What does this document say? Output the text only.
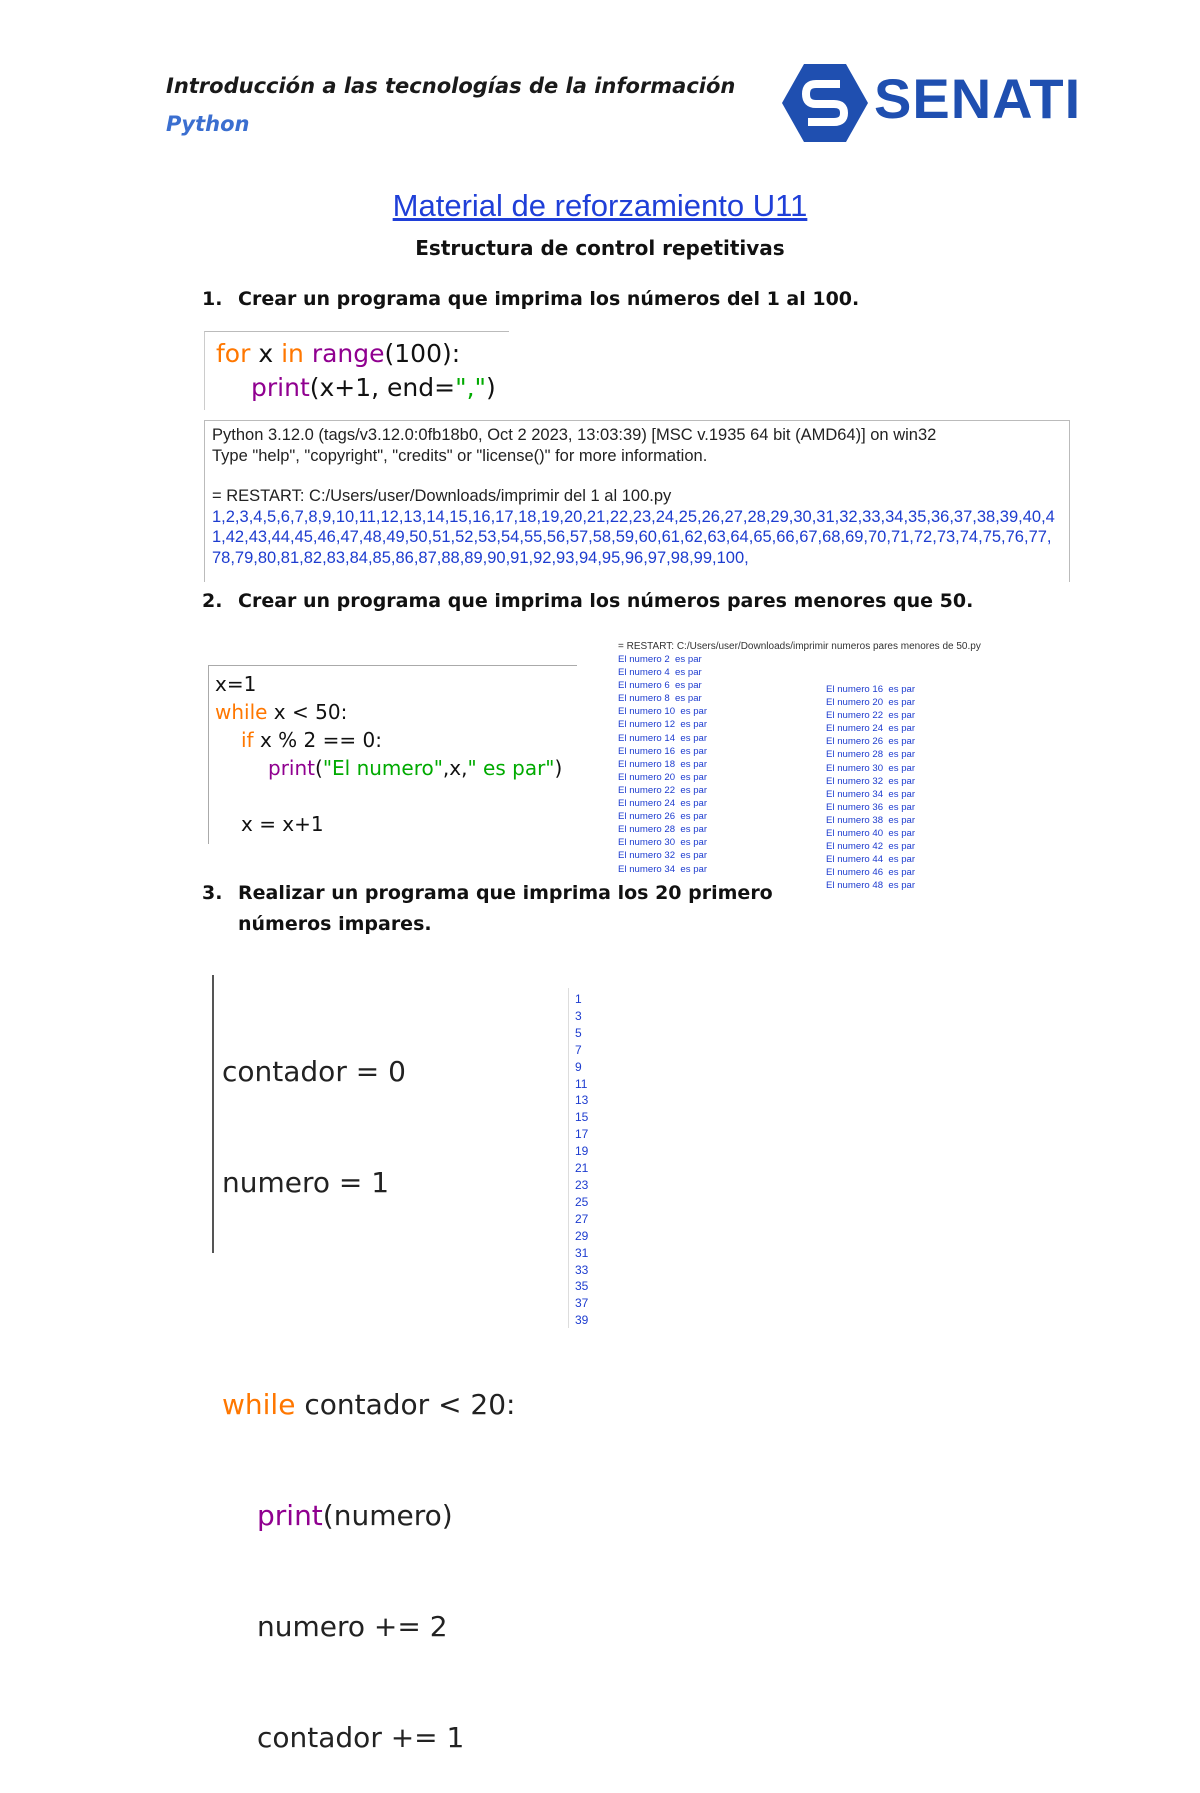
Introducción a las tecnologías de la información
Python	SENATI
Material de reforzamiento U11
Estructura de control repetitivas
1. Crear un programa que imprima los números del 1 al 100.
for x in range(100):
print(x+1, end=",")
Python 3.12.0 (tags/v3.12.0:0fb18b0, Oct 2 2023, 13:03:39) [MSC v.1935 64 bit (AMD64)] on win32
Type "help", "copyright", "credits" or "license()" for more information.
= RESTART: C:/Users/user/Downloads/imprimir del 1 al 100.py
1,2,3,4,5,6,7,8,9,10,11,12,13,14,15,16,17,18,19,20,21,22,23,24,25,26,27,28,29,30,31,32,33,34,35,36,37,38,39,40,4
1,42,43,44,45,46,47,48,49,50,51,52,53,54,55,56,57,58,59,60,61,62,63,64,65,66,67,68,69,70,71,72,73,74,75,76,77,
78,79,80,81,82,83,84,85,86,87,88,89,90,91,92,93,94,95,96,97,98,99,100,
2. Crear un programa que imprima los números pares menores que 50.
x=1
while x < 50:
if x % 2 == 0:
print("El numero",x," es par")
x = x+1
= RESTART: C:/Users/user/Downloads/imprimir numeros pares menores de 50.py
El numero 2  es par
El numero 4  es par
El numero 6  es par
El numero 8  es par
El numero 10  es par
El numero 12  es par
El numero 14  es par
El numero 16  es par
El numero 18  es par
El numero 20  es par
El numero 22  es par
El numero 24  es par
El numero 26  es par
El numero 28  es par
El numero 30  es par
El numero 32  es par
El numero 34  es par
El numero 16  es par
El numero 20  es par
El numero 22  es par
El numero 24  es par
El numero 26  es par
El numero 28  es par
El numero 30  es par
El numero 32  es par
El numero 34  es par
El numero 36  es par
El numero 38  es par
El numero 40  es par
El numero 42  es par
El numero 44  es par
El numero 46  es par
El numero 48  es par
3. Realizar un programa que imprima los 20 primero números impares.

contador = 0

numero = 1

while contador < 20:

print(numero)

numero += 2

contador += 1

1
3
5
7
9
11
13
15
17
19
21
23
25
27
29
31
33
35
37
39
